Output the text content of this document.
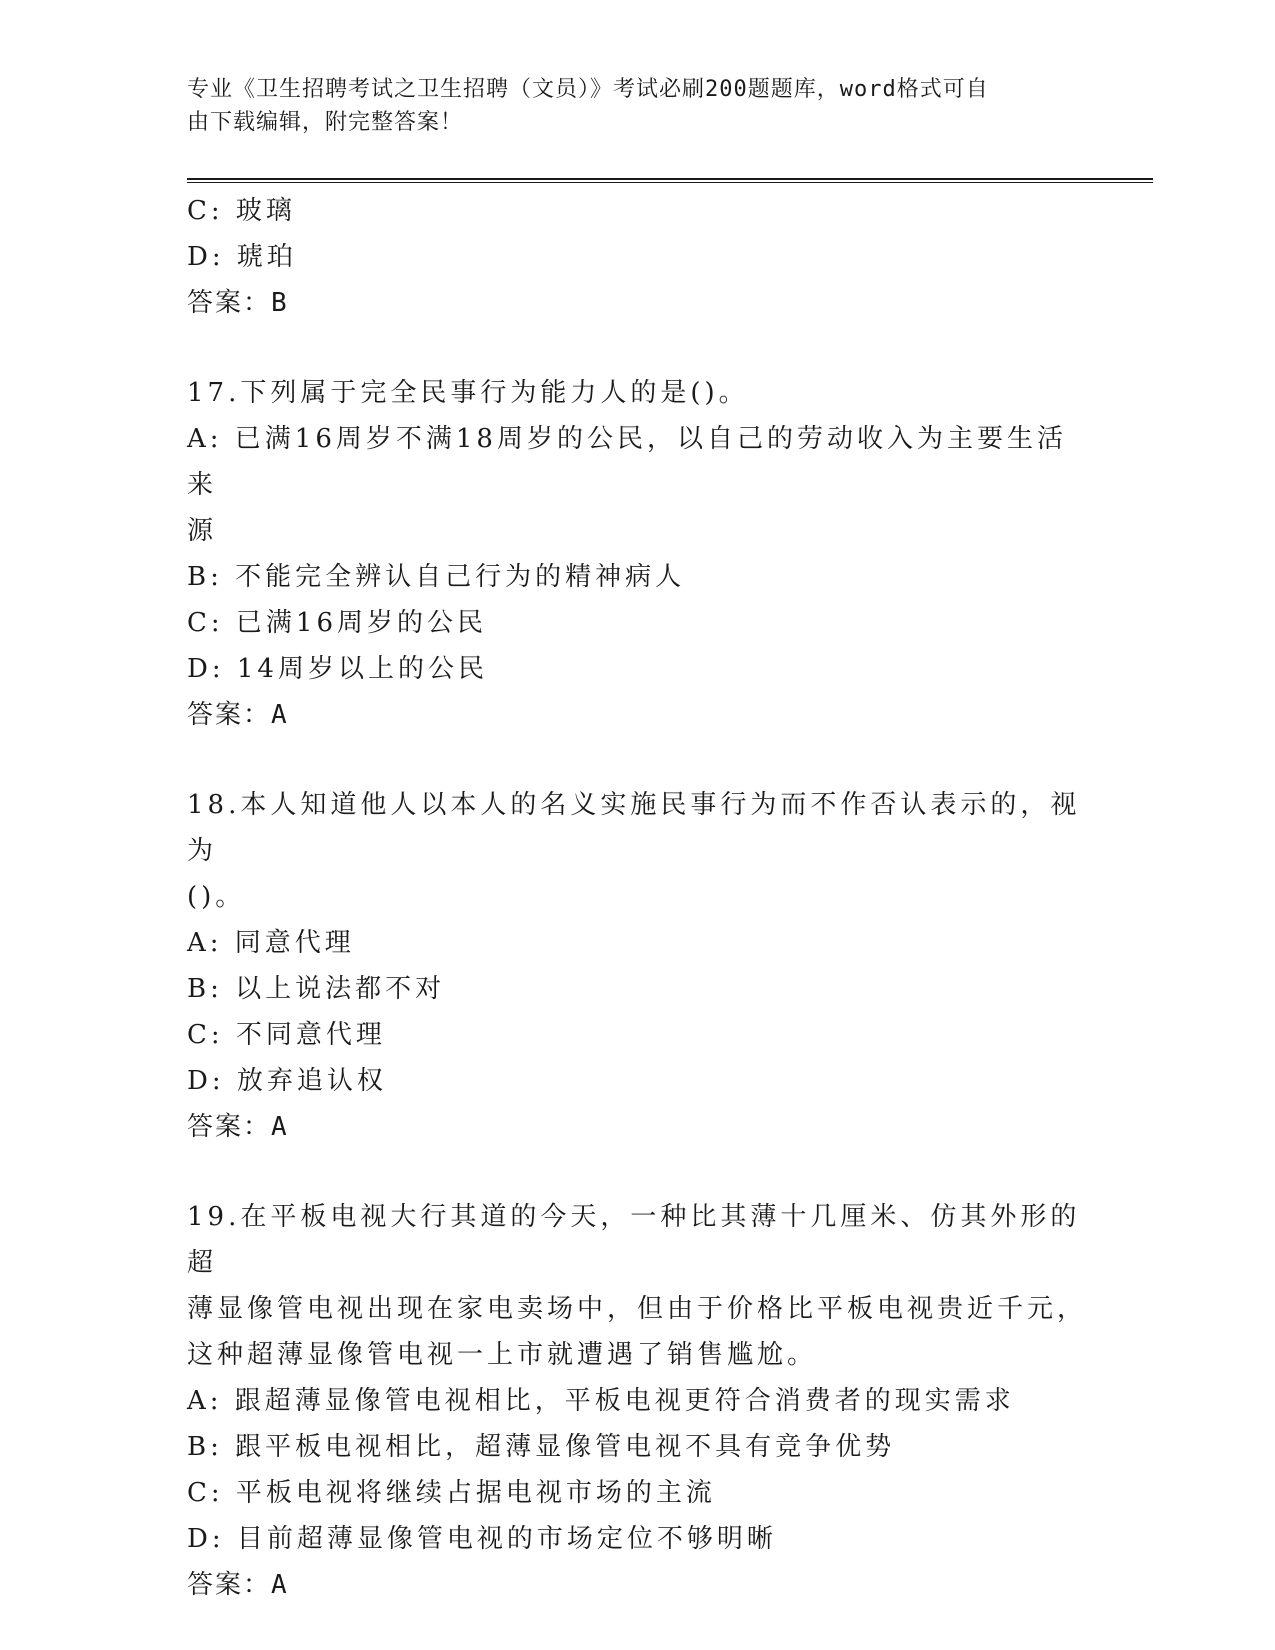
专业《卫生招聘考试之卫生招聘（文员）》考试必刷200题题库，word格式可自
由下载编辑，附完整答案！

C: 玻璃

D: 琥珀

答案：B

17.下列属于完全民事行为能力人的是()。

A: 已满16周岁不满18周岁的公民，以自己的劳动收入为主要生活来

源

B: 不能完全辨认自己行为的精神病人

C: 已满16周岁的公民

D: 14周岁以上的公民

答案：A

18.本人知道他人以本人的名义实施民事行为而不作否认表示的，视为

()。

A: 同意代理

B: 以上说法都不对

C: 不同意代理

D: 放弃追认权

答案：A

19.在平板电视大行其道的今天，一种比其薄十几厘米、仿其外形的超

薄显像管电视出现在家电卖场中，但由于价格比平板电视贵近千元，

这种超薄显像管电视一上市就遭遇了销售尴尬。

A: 跟超薄显像管电视相比，平板电视更符合消费者的现实需求

B: 跟平板电视相比，超薄显像管电视不具有竞争优势

C: 平板电视将继续占据电视市场的主流

D: 目前超薄显像管电视的市场定位不够明晰

答案：A
